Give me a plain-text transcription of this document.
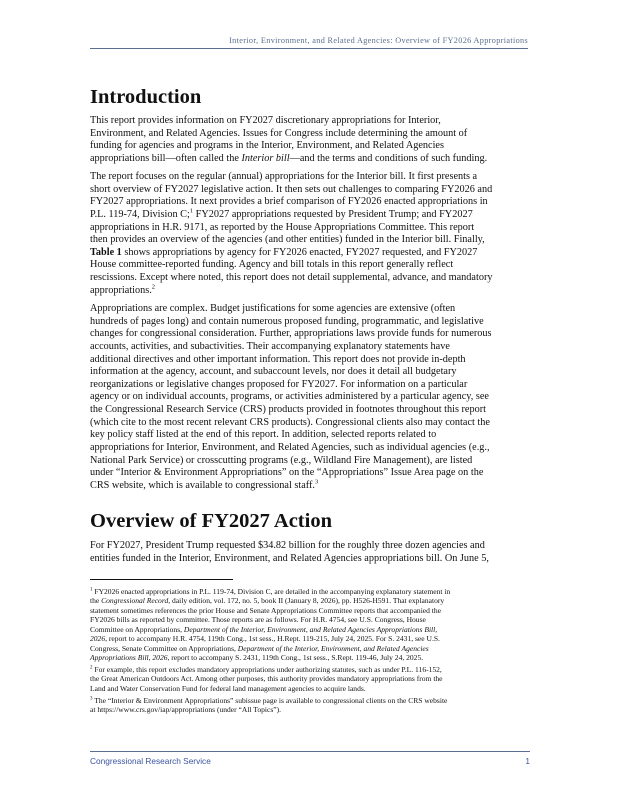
Interior, Environment, and Related Agencies: Overview of FY2026 Appropriations
Introduction

This report provides information on FY2027 discretionary appropriations for Interior,
Environment, and Related Agencies. Issues for Congress include determining the amount of
funding for agencies and programs in the Interior, Environment, and Related Agencies
appropriations bill—often called the Interior bill—and the terms and conditions of such funding.

The report focuses on the regular (annual) appropriations for the Interior bill. It first presents a
short overview of FY2027 legislative action. It then sets out challenges to comparing FY2026 and
FY2027 appropriations. It next provides a brief comparison of FY2026 enacted appropriations in
P.L. 119-74, Division C;$^1$ FY2027 appropriations requested by President Trump; and FY2027
appropriations in H.R. 9171, as reported by the House Appropriations Committee. This report
then provides an overview of the agencies (and other entities) funded in the Interior bill. Finally,
Table 1 shows appropriations by agency for FY2026 enacted, FY2027 requested, and FY2027
House committee-reported funding. Agency and bill totals in this report generally reflect
rescissions. Except where noted, this report does not detail supplemental, advance, and mandatory
appropriations.$^2$

Appropriations are complex. Budget justifications for some agencies are extensive (often
hundreds of pages long) and contain numerous proposed funding, programmatic, and legislative
changes for congressional consideration. Further, appropriations laws provide funds for numerous
accounts, activities, and subactivities. Their accompanying explanatory statements have
additional directives and other important information. This report does not provide in-depth
information at the agency, account, and subaccount levels, nor does it detail all budgetary
reorganizations or legislative changes proposed for FY2027. For information on a particular
agency or on individual accounts, programs, or activities administered by a particular agency, see
the Congressional Research Service (CRS) products provided in footnotes throughout this report
(which cite to the most recent relevant CRS products). Congressional clients also may contact the
key policy staff listed at the end of this report. In addition, selected reports related to
appropriations for Interior, Environment, and Related Agencies, such as individual agencies (e.g.,
National Park Service) or crosscutting programs (e.g., Wildland Fire Management), are listed
under “Interior & Environment Appropriations” on the “Appropriations” Issue Area page on the
CRS website, which is available to congressional staff.$^3$

Overview of FY2027 Action

For FY2027, President Trump requested $34.82 billion for the roughly three dozen agencies and
entities funded in the Interior, Environment, and Related Agencies appropriations bill. On June 5,

$^1$ FY2026 enacted appropriations in P.L. 119-74, Division C, are detailed in the accompanying explanatory statement in
the Congressional Record, daily edition, vol. 172, no. 5, book II (January 8, 2026), pp. H526-H591. That explanatory
statement sometimes references the prior House and Senate Appropriations Committee reports that accompanied the
FY2026 bills as reported by committee. Those reports are as follows. For H.R. 4754, see U.S. Congress, House
Committee on Appropriations, Department of the Interior, Environment, and Related Agencies Appropriations Bill,
2026, report to accompany H.R. 4754, 119th Cong., 1st sess., H.Rept. 119-215, July 24, 2025. For S. 2431, see U.S.
Congress, Senate Committee on Appropriations, Department of the Interior, Environment, and Related Agencies
Appropriations Bill, 2026, report to accompany S. 2431, 119th Cong., 1st sess., S.Rept. 119-46, July 24, 2025.

$^2$ For example, this report excludes mandatory appropriations under authorizing statutes, such as under P.L. 116-152,
the Great American Outdoors Act. Among other purposes, this authority provides mandatory appropriations from the
Land and Water Conservation Fund for federal land management agencies to acquire lands.

$^3$ The “Interior & Environment Appropriations” subissue page is available to congressional clients on the CRS website
at https://www.crs.gov/iap/appropriations (under “All Topics”).

Congressional Research Service	1
